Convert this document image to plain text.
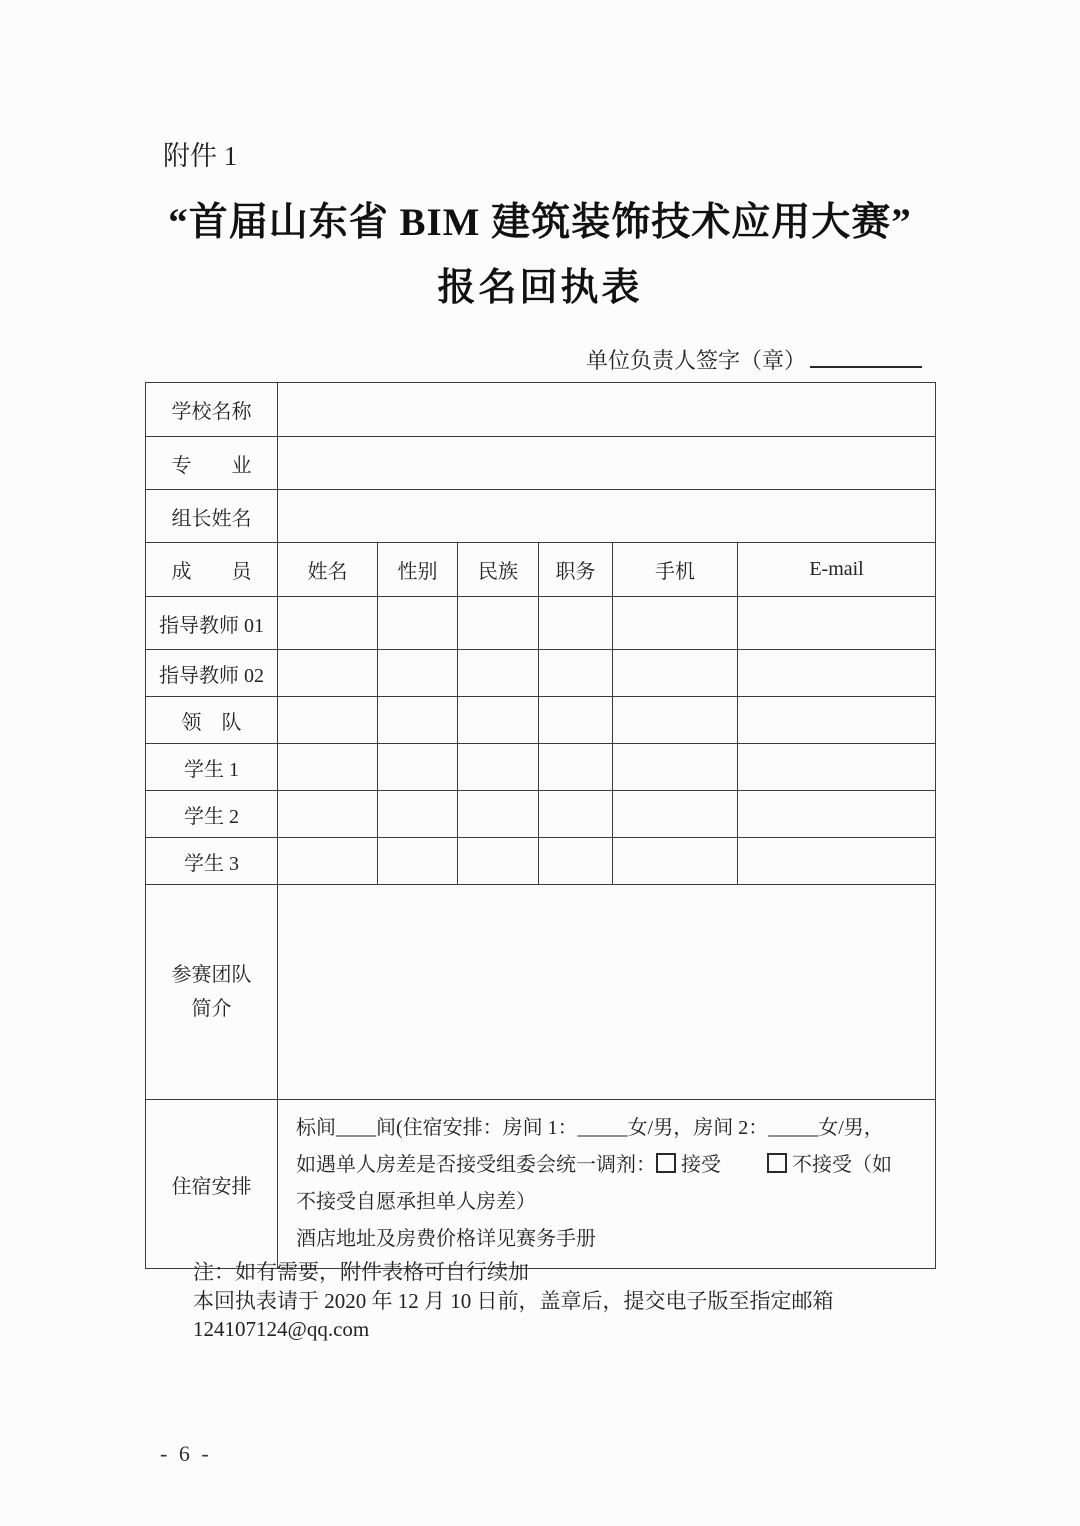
附件 1
“首届山东省 BIM 建筑装饰技术应用大赛”
报名回执表
单位负责人签字（章）
学校名称						
专　　业						
组长姓名						
成　　员	姓名	性别	民族	职务	手机	E-mail
指导教师 01						
指导教师 02						
领　队						
学生 1						
学生 2						
学生 3						

参赛团队
简介						

住宿安排	标间____间(住宿安排：房间 1：_____女/男，房间 2：_____女/男，
如遇单人房差是否接受组委会统一调剂： 接受 不接受（如
不接受自愿承担单人房差）
酒店地址及房费价格详见赛务手册					
注：如有需要，附件表格可自行续加
本回执表请于 2020 年 12 月 10 日前，盖章后，提交电子版至指定邮箱
124107124@qq.com
- 6 -
